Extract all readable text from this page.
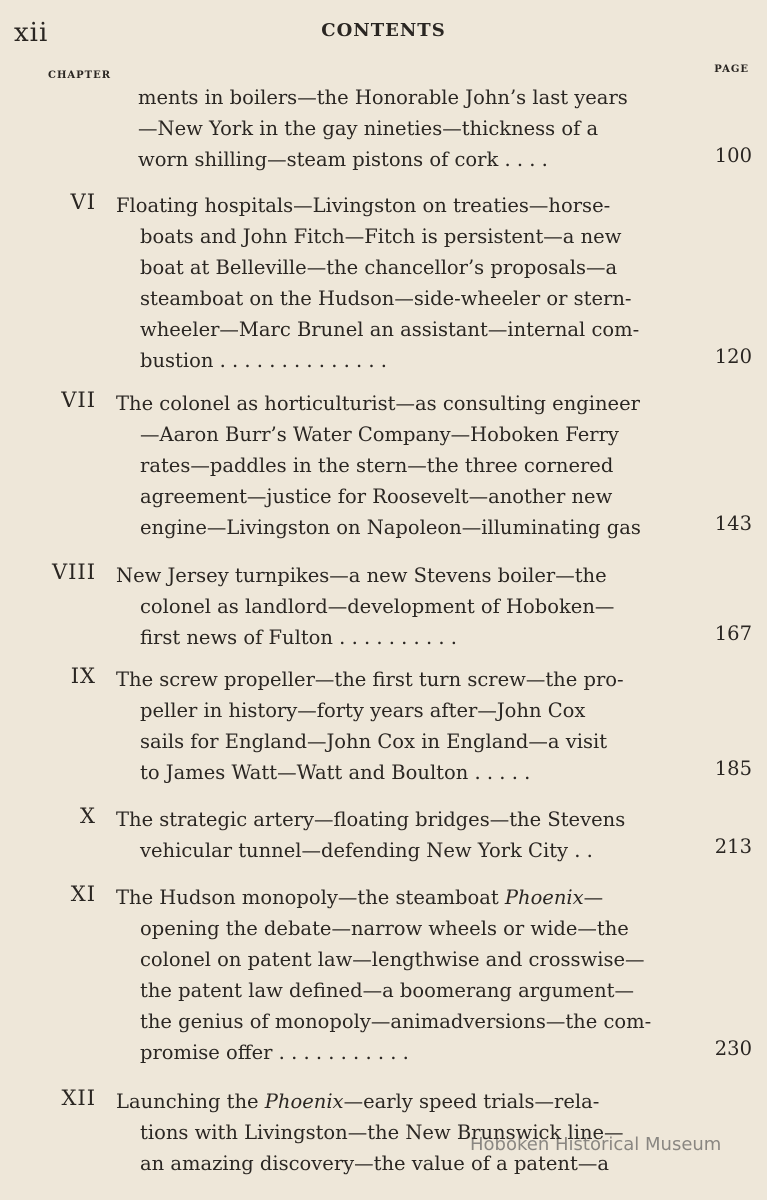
xii	CONTENTS
CHAPTER
PAGE
ments in boilers—the Honorable John’s last years
—New York in the gay nineties—thickness of a
worn shilling—steam pistons of cork . . . .	100
VI Floating hospitals—Livingston on treaties—horse-
boats and John Fitch—Fitch is persistent—a new
boat at Belleville—the chancellor’s proposals—a
steamboat on the Hudson—side-wheeler or stern-
wheeler—Marc Brunel an assistant—internal com-
bustion . . . . . . . . . . . . . .	120
VII The colonel as horticulturist—as consulting engineer
—Aaron Burr’s Water Company—Hoboken Ferry
rates—paddles in the stern—the three cornered
agreement—justice for Roosevelt—another new
engine—Livingston on Napoleon—illuminating gas	143
VIII New Jersey turnpikes—a new Stevens boiler—the
colonel as landlord—development of Hoboken—
first news of Fulton . . . . . . . . . .	167
IX The screw propeller—the first turn screw—the pro-
peller in history—forty years after—John Cox
sails for England—John Cox in England—a visit
to James Watt—Watt and Boulton . . . . .	185
X The strategic artery—floating bridges—the Stevens
vehicular tunnel—defending New York City . .	213
XI The Hudson monopoly—the steamboat Phoenix—
opening the debate—narrow wheels or wide—the
colonel on patent law—lengthwise and crosswise—
the patent law defined—a boomerang argument—
the genius of monopoly—animadversions—the com-
promise offer . . . . . . . . . . .	230
XII Launching the Phoenix—early speed trials—rela-
tions with Livingston—the New Brunswick line—
an amazing discovery—the value of a patent—a
Hoboken Historical Museum
